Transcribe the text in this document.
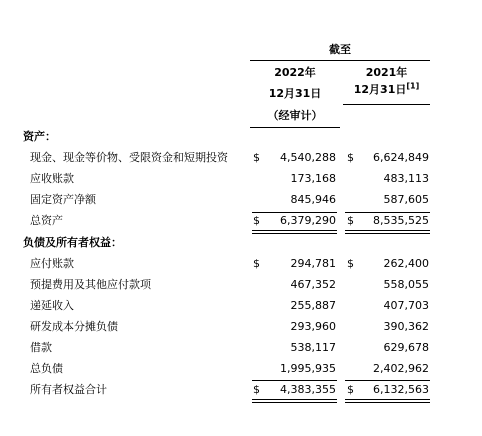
截至
2022年
12月31日
（经审计）
2021年
12月31日[1]
资产：
现金、现金等价物、受限资金和短期投资 $	4,540,288 $	6,624,849
应收账款	173,168	483,113
固定资产净额	845,946	587,605
总资产	$	6,379,290 $	8,535,525
负债及所有者权益：
应付账款	$	294,781 $	262,400
预提费用及其他应付款项	467,352	558,055
递延收入	255,887	407,703
研发成本分摊负债	293,960	390,362
借款	538,117	629,678
总负债	1,995,935	2,402,962
所有者权益合计	$	4,383,355 $	6,132,563
